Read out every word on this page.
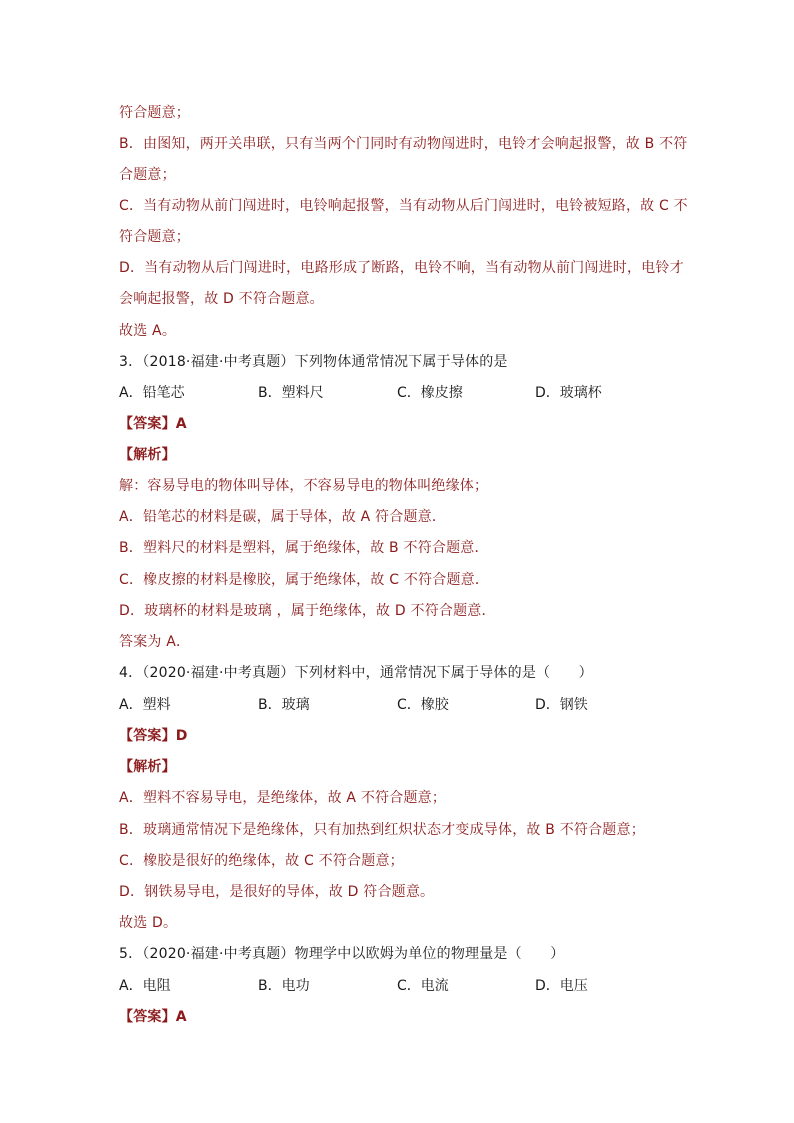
符合题意；
B．由图知，两开关串联，只有当两个门同时有动物闯进时，电铃才会响起报警，故 B 不符
合题意；
C．当有动物从前门闯进时，电铃响起报警，当有动物从后门闯进时，电铃被短路，故 C 不
符合题意；
D．当有动物从后门闯进时，电路形成了断路，电铃不响，当有动物从前门闯进时，电铃才
会响起报警，故 D 不符合题意。
故选 A。
3．（2018·福建·中考真题）下列物体通常情况下属于导体的是
A．铅笔芯	B．塑料尺	C．橡皮擦	D．玻璃杯
【答案】A
【解析】
解：容易导电的物体叫导体，不容易导电的物体叫绝缘体；
A．铅笔芯的材料是碳，属于导体，故 A 符合题意．
B．塑料尺的材料是塑料，属于绝缘体，故 B 不符合题意．
C．橡皮擦的材料是橡胶，属于绝缘体，故 C 不符合题意．
D．玻璃杯的材料是玻璃 ，属于绝缘体，故 D 不符合题意．
答案为 A．
4．（2020·福建·中考真题）下列材料中，通常情况下属于导体的是（　　）
A．塑料	B．玻璃	C．橡胶	D．钢铁
【答案】D
【解析】
A．塑料不容易导电，是绝缘体，故 A 不符合题意；
B．玻璃通常情况下是绝缘体，只有加热到红炽状态才变成导体，故 B 不符合题意；
C．橡胶是很好的绝缘体，故 C 不符合题意；
D．钢铁易导电，是很好的导体，故 D 符合题意。
故选 D。
5．（2020·福建·中考真题）物理学中以欧姆为单位的物理量是（　　）
A．电阻	B．电功	C．电流	D．电压
【答案】A
